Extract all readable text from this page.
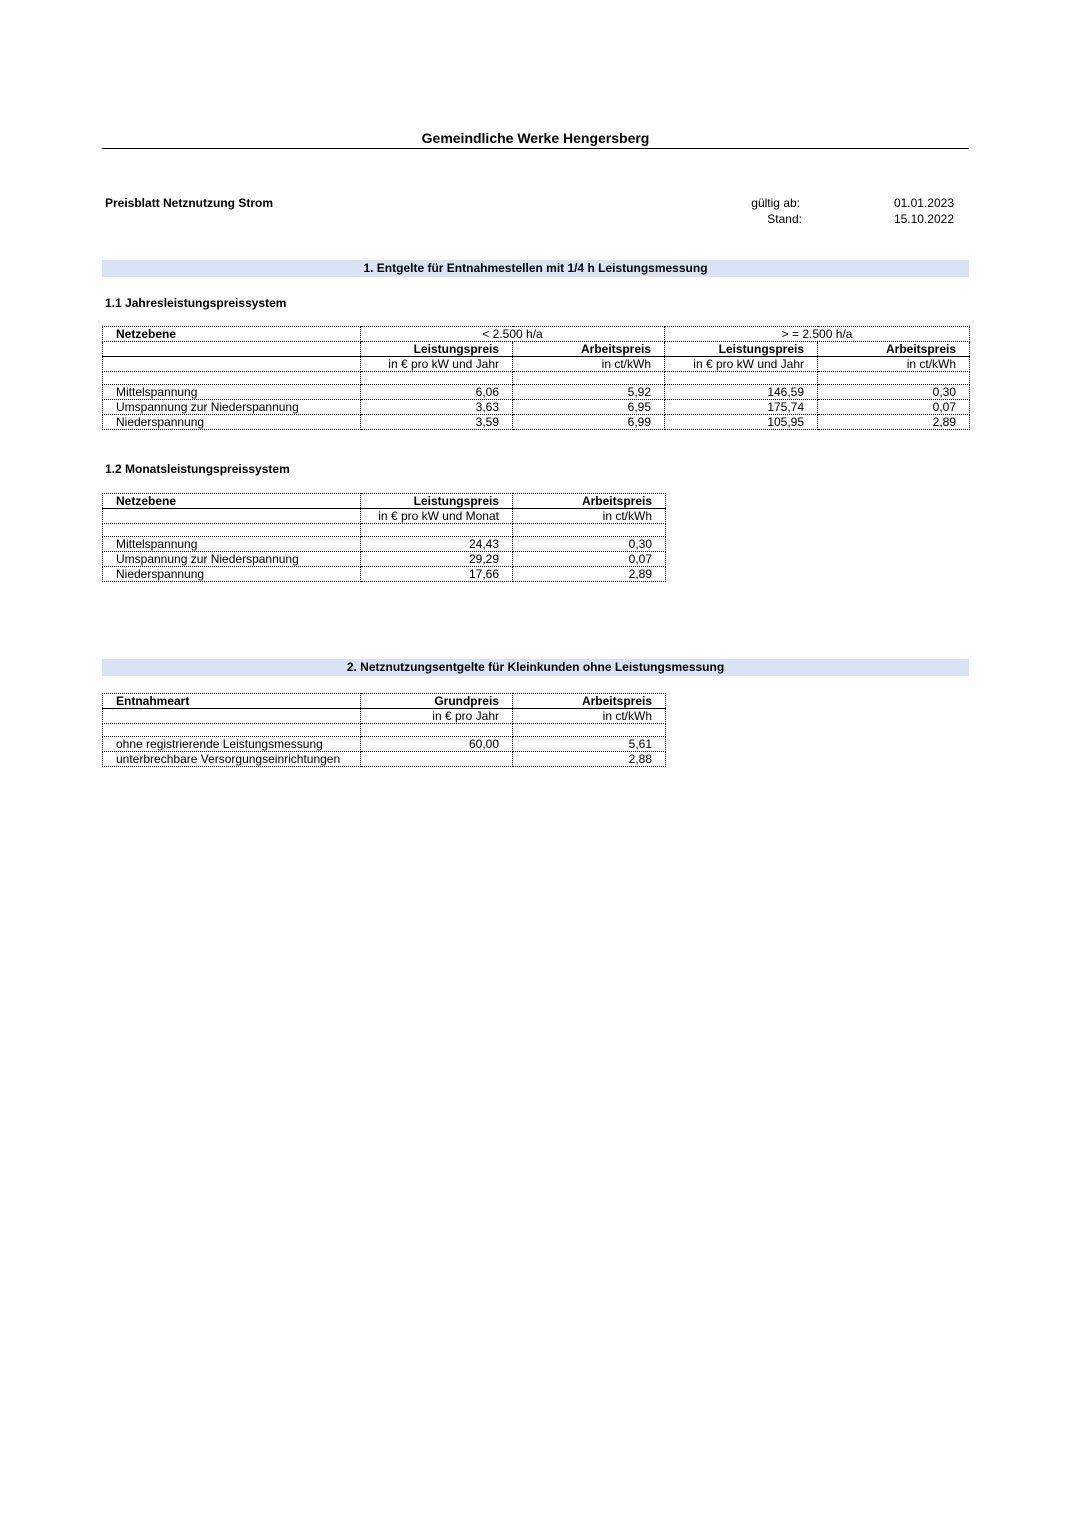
Gemeindliche Werke Hengersberg
Preisblatt Netznutzung Strom	gültig ab:	01.01.2023
Stand:	15.10.2022
1. Entgelte für Entnahmestellen mit 1/4 h Leistungsmessung
1.1 Jahresleistungspreissystem
Netzebene	< 2.500 h/a		> = 2.500 h/a	
	Leistungspreis	Arbeitspreis	Leistungspreis	Arbeitspreis
	in € pro kW und Jahr	in ct/kWh	in € pro kW und Jahr	in ct/kWh

Mittelspannung	6,06	5,92	146,59	0,30
Umspannung zur Niederspannung	3,63	6,95	175,74	0,07
Niederspannung	3,59	6,99	105,95	2,89
1.2 Monatsleistungspreissystem
Netzebene	Leistungspreis	Arbeitspreis
	in € pro kW und Monat	in ct/kWh

Mittelspannung	24,43	0,30
Umspannung zur Niederspannung	29,29	0,07
Niederspannung	17,66	2,89
2. Netznutzungsentgelte für Kleinkunden ohne Leistungsmessung
Entnahmeart	Grundpreis	Arbeitspreis
	in € pro Jahr	in ct/kWh

ohne registrierende Leistungsmessung	60,00	5,61
unterbrechbare Versorgungseinrichtungen		2,88
